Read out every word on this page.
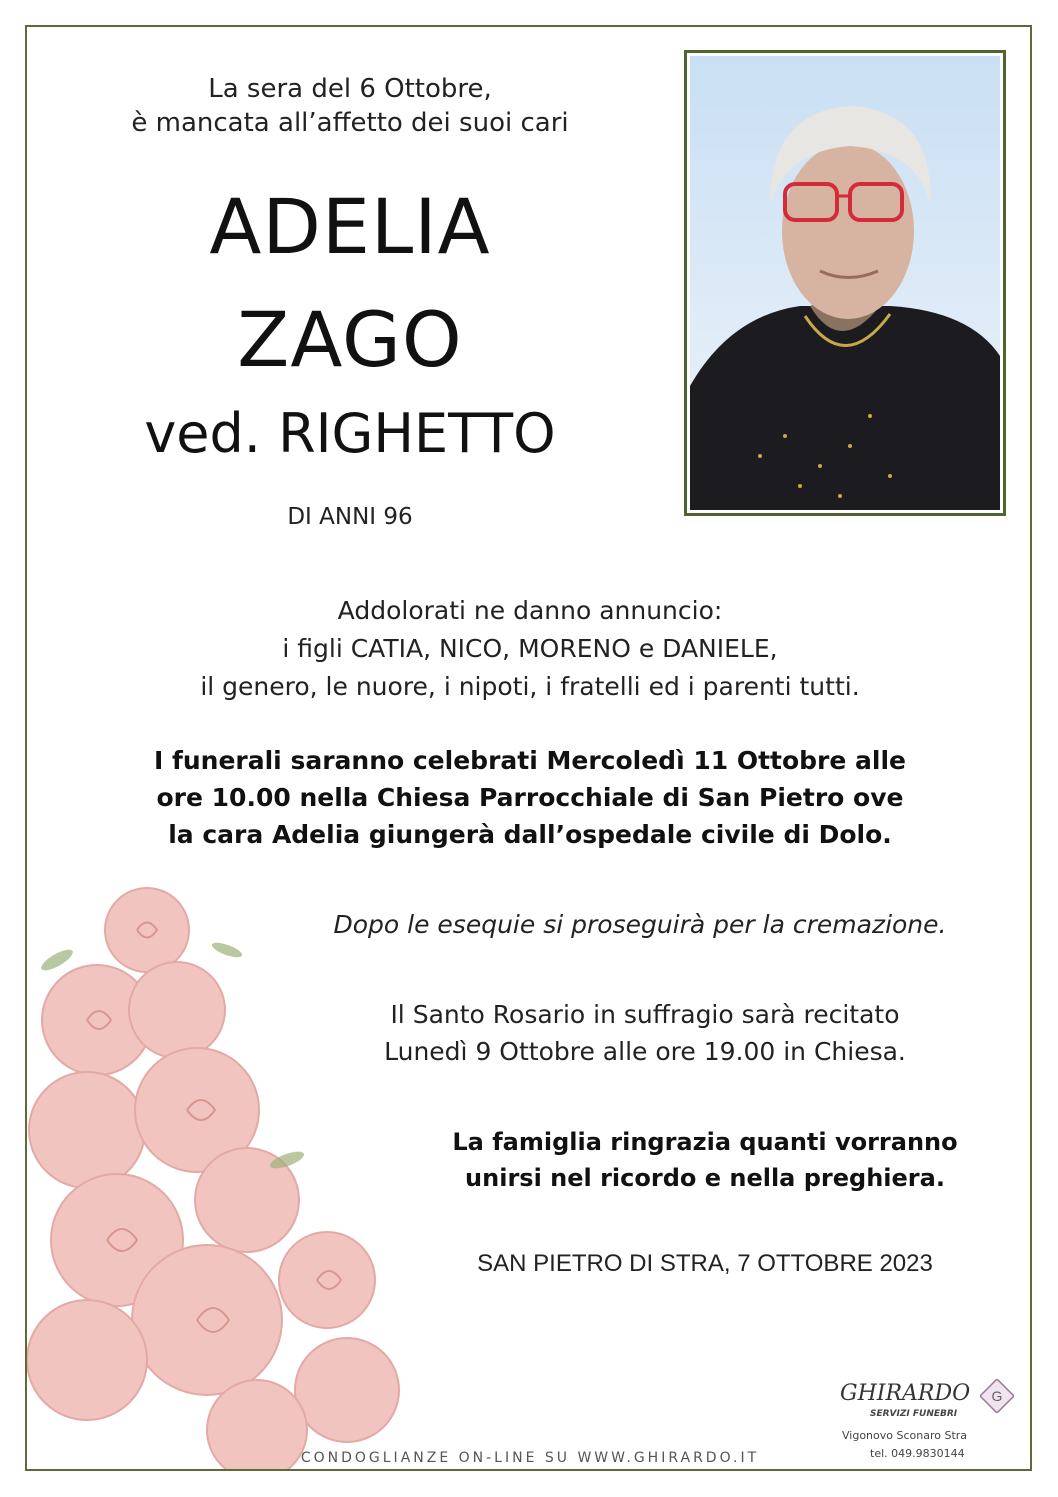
La sera del 6 Ottobre,
è mancata all’affetto dei suoi cari
ADELIA
ZAGO
ved. RIGHETTO
DI ANNI 96
Addolorati ne danno annuncio:
i figli CATIA, NICO, MORENO e DANIELE,
il genero, le nuore, i nipoti, i fratelli ed i parenti tutti.
I funerali saranno celebrati Mercoledì 11 Ottobre alle
ore 10.00 nella Chiesa Parrocchiale di San Pietro ove
la cara Adelia giungerà dall’ospedale civile di Dolo.
Dopo le esequie si proseguirà per la cremazione.
Il Santo Rosario in suffragio sarà recitato
Lunedì 9 Ottobre alle ore 19.00 in Chiesa.
La famiglia ringrazia quanti vorranno
unirsi nel ricordo e nella preghiera.
SAN PIETRO DI STRA, 7 OTTOBRE 2023
CONDOGLIANZE ON-LINE SU WWW.GHIRARDO.IT
GHIRARDO
SERVIZI FUNEBRI
G
Vigonovo Sconaro Stra
tel. 049.9830144
